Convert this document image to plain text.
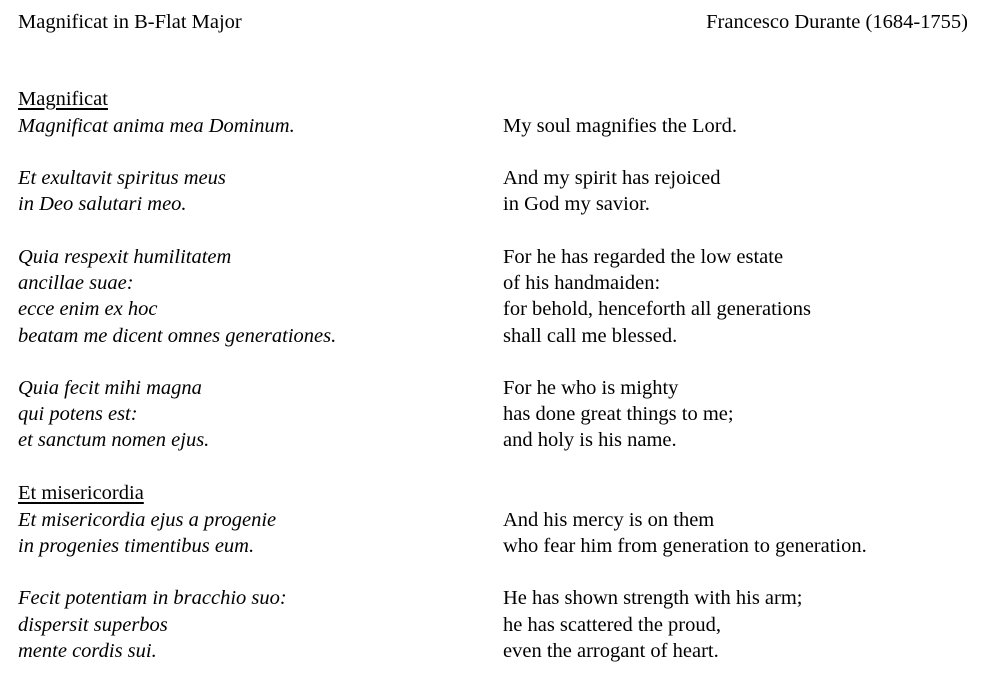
Magnificat in B-Flat Major	Francesco Durante (1684-1755)
Magnificat
Magnificat anima mea Dominum.	My soul magnifies the Lord.
Et exultavit spiritus meus	And my spirit has rejoiced
in Deo salutari meo.	in God my savior.
Quia respexit humilitatem	For he has regarded the low estate
ancillae suae:	of his handmaiden:
ecce enim ex hoc	for behold, henceforth all generations
beatam me dicent omnes generationes.	shall call me blessed.
Quia fecit mihi magna	For he who is mighty
qui potens est:	has done great things to me;
et sanctum nomen ejus.	and holy is his name.
Et misericordia
Et misericordia ejus a progenie	And his mercy is on them
in progenies timentibus eum.	who fear him from generation to generation.
Fecit potentiam in bracchio suo:	He has shown strength with his arm;
dispersit superbos	he has scattered the proud,
mente cordis sui.	even the arrogant of heart.
